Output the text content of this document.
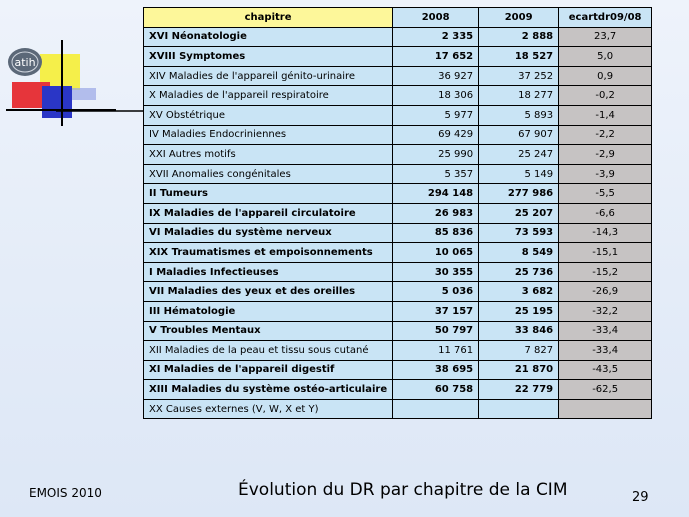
atih
chapitre	2008	2009	ecartdr09/08
XVI Néonatologie	2 335	2 888	23,7
XVIII Symptomes	17 652	18 527	5,0
XIV Maladies de l'appareil génito-urinaire	36 927	37 252	0,9
X Maladies de l'appareil respiratoire	18 306	18 277	-0,2
XV Obstétrique	5 977	5 893	-1,4
IV Maladies Endocriniennes	69 429	67 907	-2,2
XXI Autres motifs	25 990	25 247	-2,9
XVII Anomalies congénitales	5 357	5 149	-3,9
II Tumeurs	294 148	277 986	-5,5
IX Maladies de l'appareil circulatoire	26 983	25 207	-6,6
VI Maladies du système nerveux	85 836	73 593	-14,3
XIX Traumatismes et empoisonnements	10 065	8 549	-15,1
I Maladies Infectieuses	30 355	25 736	-15,2
VII Maladies des yeux et des oreilles	5 036	3 682	-26,9
III Hématologie	37 157	25 195	-32,2
V Troubles Mentaux	50 797	33 846	-33,4
XII Maladies de la peau et tissu sous cutané	11 761	7 827	-33,4
XI Maladies de l'appareil digestif	38 695	21 870	-43,5
XIII Maladies du système ostéo-articulaire	60 758	22 779	-62,5
XX Causes externes (V, W, X et Y)			
EMOIS 2010	Évolution du DR par chapitre de la CIM	29
